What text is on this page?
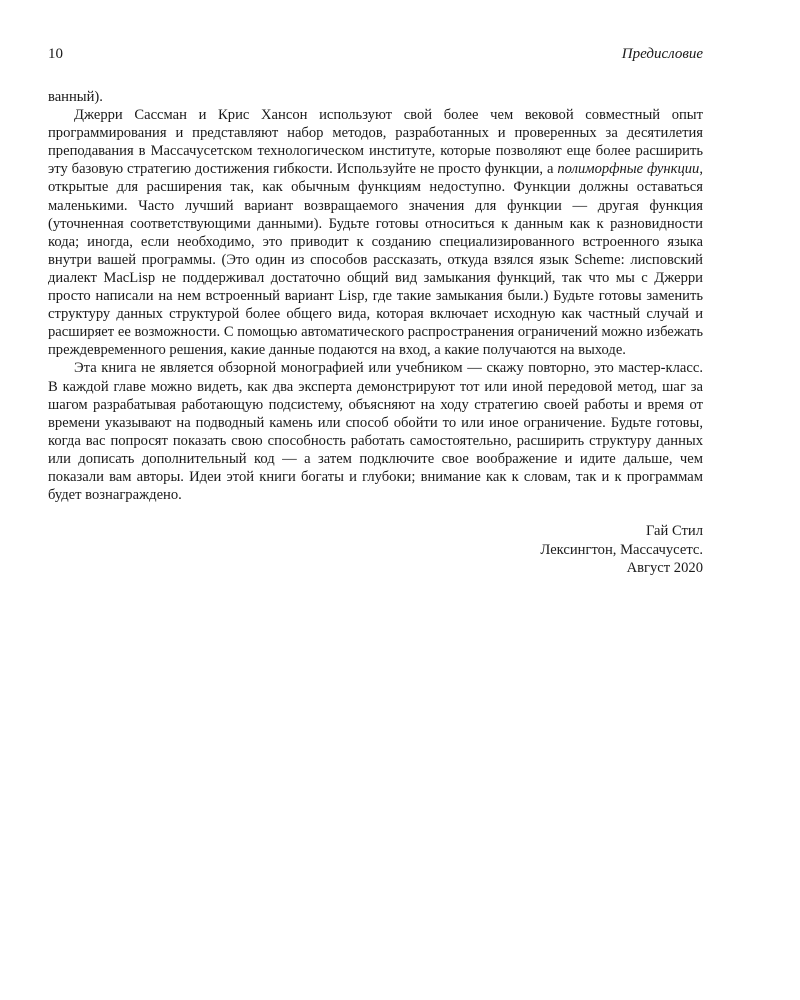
10	Предисловие

ванный).

Джерри Сассман и Крис Хансон используют свой более чем вековой совместный опыт программирования и представляют набор методов, разработанных и проверенных за десятилетия преподавания в Массачусетском технологическом институте, которые позволяют еще более расширить эту базовую стратегию достижения гибкости. Используйте не просто функции, а полиморфные функции, открытые для расширения так, как обычным функциям недоступно. Функции должны оставаться маленькими. Часто лучший вариант возвращаемого значения для функции — другая функция (уточненная соответствующими данными). Будьте готовы относиться к данным как к разновидности кода; иногда, если необходимо, это приводит к созданию специализированного встроенного языка внутри вашей программы. (Это один из способов рассказать, откуда взялся язык Scheme: лисповский диалект MacLisp не поддерживал достаточно общий вид замыкания функций, так что мы с Джерри просто написали на нем встроенный вариант Lisp, где такие замыкания были.) Будьте готовы заменить структуру данных структурой более общего вида, которая включает исходную как частный случай и расширяет ее возможности. С помощью автоматического распространения ограничений можно избежать преждевременного решения, какие данные подаются на вход, а какие получаются на выходе.

Эта книга не является обзорной монографией или учебником — скажу повторно, это мастер-класс. В каждой главе можно видеть, как два эксперта демонстрируют тот или иной передовой метод, шаг за шагом разрабатывая работающую подсистему, объясняют на ходу стратегию своей работы и время от времени указывают на подводный камень или способ обойти то или иное ограничение. Будьте готовы, когда вас попросят показать свою способность работать самостоятельно, расширить структуру данных или дописать дополнительный код — а затем подключите свое воображение и идите дальше, чем показали вам авторы. Идеи этой книги богаты и глубоки; внимание как к словам, так и к программам будет вознаграждено.

Гай Стил
Лексингтон, Массачусетс.
Август 2020
